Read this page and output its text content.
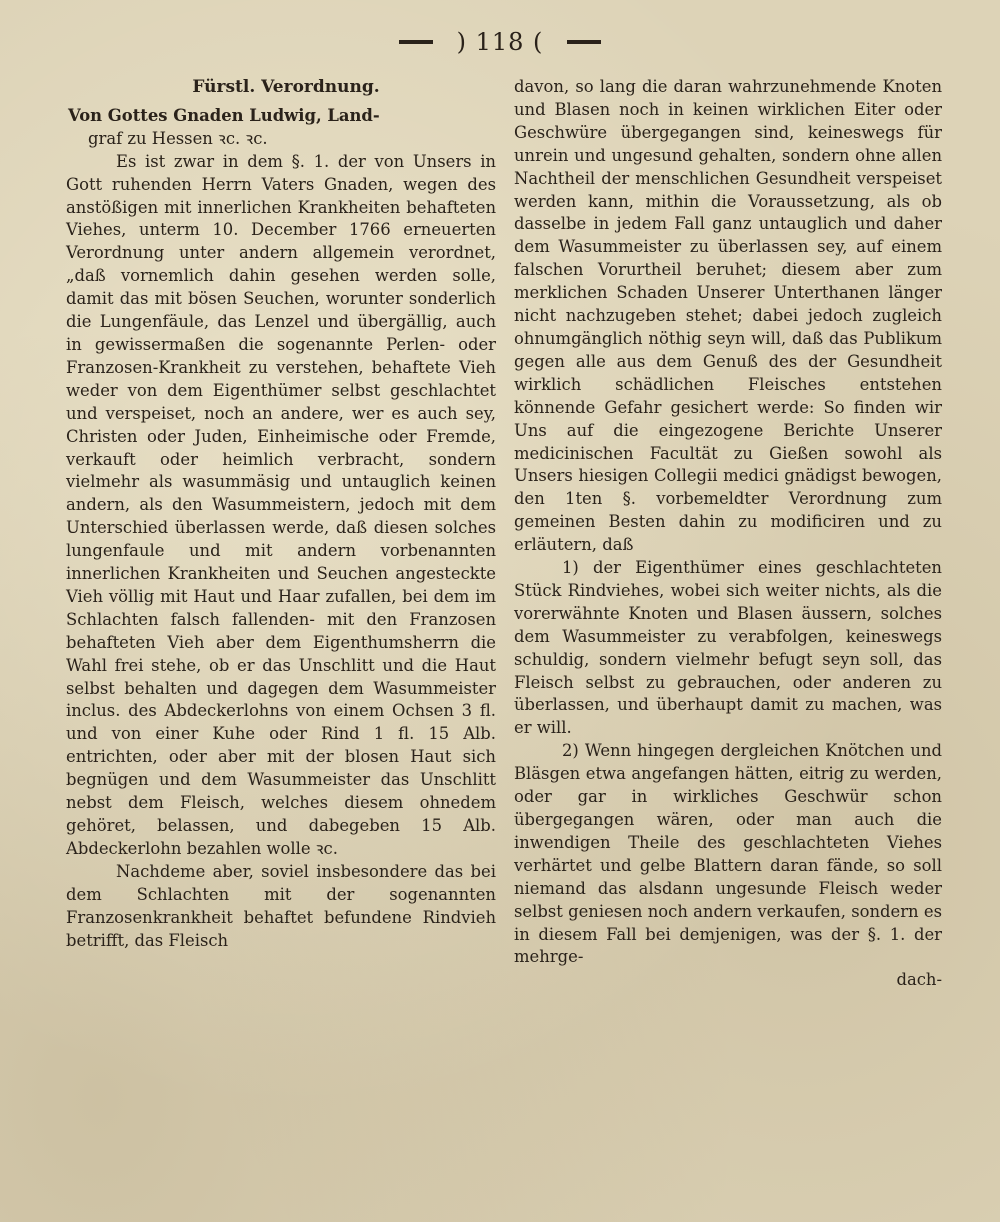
) 118 (

Fürstl. Verordnung.

Von Gottes Gnaden Ludwig, Land-

graf zu Hessen ꝛc. ꝛc.

Es ist zwar in dem §. 1. der von Unsers in Gott ruhenden Herrn Vaters Gnaden, wegen des anstößigen mit innerlichen Krankheiten behafteten Viehes, unterm 10. December 1766 erneuerten Verordnung unter andern allgemein verordnet, „daß vornemlich dahin gesehen werden solle, damit das mit bösen Seuchen, worunter sonderlich die Lungenfäule, das Lenzel und übergällig, auch in gewissermaßen die sogenannte Perlen- oder Franzosen-Krankheit zu verstehen, behaftete Vieh weder von dem Eigenthümer selbst geschlachtet und verspeiset, noch an andere, wer es auch sey, Christen oder Juden, Einheimische oder Fremde, verkauft oder heimlich verbracht, sondern vielmehr als wasummäsig und untauglich keinen andern, als den Wasummeistern, jedoch mit dem Unterschied überlassen werde, daß diesen solches lungenfaule und mit andern vorbenannten innerlichen Krankheiten und Seuchen angesteckte Vieh völlig mit Haut und Haar zufallen, bei dem im Schlachten falsch fallenden- mit den Franzosen behafteten Vieh aber dem Eigenthumsherrn die Wahl frei stehe, ob er das Unschlitt und die Haut selbst behalten und dagegen dem Wasummeister inclus. des Abdeckerlohns von einem Ochsen 3 fl. und von einer Kuhe oder Rind 1 fl. 15 Alb. entrichten, oder aber mit der blosen Haut sich begnügen und dem Wasummeister das Unschlitt nebst dem Fleisch, welches diesem ohnedem gehöret, belassen, und dabegeben 15 Alb. Abdeckerlohn bezahlen wolle ꝛc.

Nachdeme aber, soviel insbesondere das bei dem Schlachten mit der sogenannten Franzosenkrankheit behaftet befundene Rindvieh betrifft, das Fleisch

davon, so lang die daran wahrzunehmende Knoten und Blasen noch in keinen wirklichen Eiter oder Geschwüre übergegangen sind, keineswegs für unrein und ungesund gehalten, sondern ohne allen Nachtheil der menschlichen Gesundheit verspeiset werden kann, mithin die Voraussetzung, als ob dasselbe in jedem Fall ganz untauglich und daher dem Wasummeister zu überlassen sey, auf einem falschen Vorurtheil beruhet; diesem aber zum merklichen Schaden Unserer Unterthanen länger nicht nachzugeben stehet; dabei jedoch zugleich ohnumgänglich nöthig seyn will, daß das Publikum gegen alle aus dem Genuß des der Gesundheit wirklich schädlichen Fleisches entstehen könnende Gefahr gesichert werde: So finden wir Uns auf die eingezogene Berichte Unserer medicinischen Facultät zu Gießen sowohl als Unsers hiesigen Collegii medici gnädigst bewogen, den 1ten §. vorbemeldter Verordnung zum gemeinen Besten dahin zu modificiren und zu erläutern, daß

1) der Eigenthümer eines geschlachteten Stück Rindviehes, wobei sich weiter nichts, als die vorerwähnte Knoten und Blasen äussern, solches dem Wasummeister zu verabfolgen, keineswegs schuldig, sondern vielmehr befugt seyn soll, das Fleisch selbst zu gebrauchen, oder anderen zu überlassen, und überhaupt damit zu machen, was er will.

2) Wenn hingegen dergleichen Knötchen und Bläsgen etwa angefangen hätten, eitrig zu werden, oder gar in wirkliches Geschwür schon übergegangen wären, oder man auch die inwendigen Theile des geschlachteten Viehes verhärtet und gelbe Blattern daran fände, so soll niemand das alsdann ungesunde Fleisch weder selbst geniesen noch andern verkaufen, sondern es in diesem Fall bei demjenigen, was der §. 1. der mehrge-

dach-
